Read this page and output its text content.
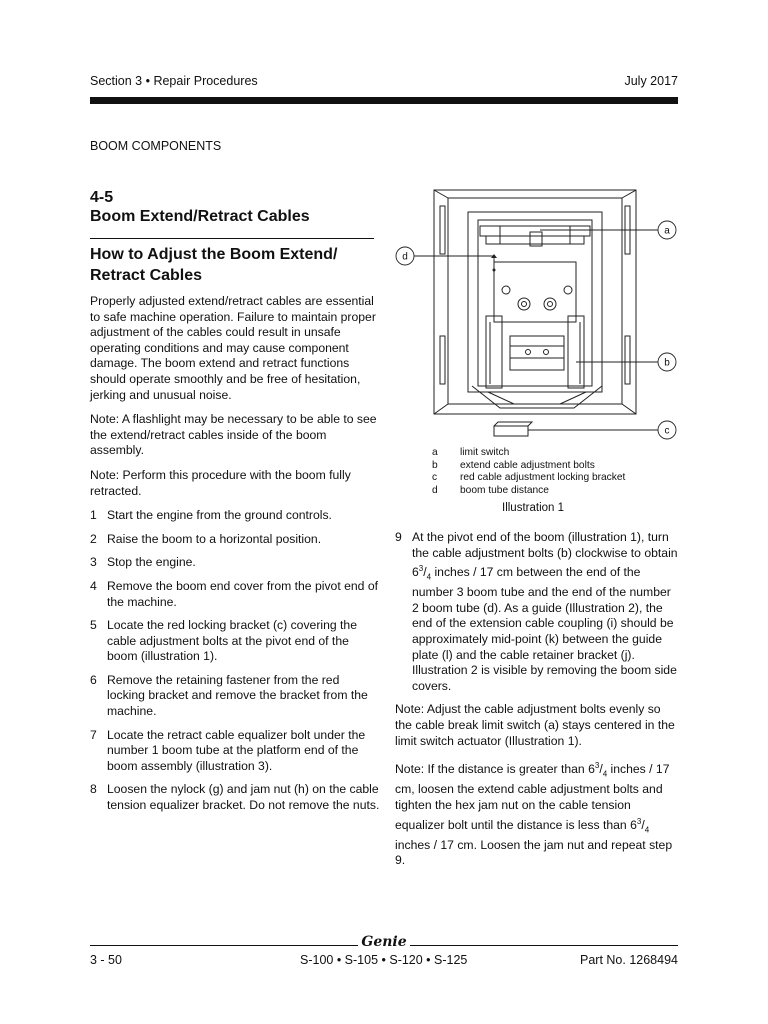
Section 3 • Repair Procedures	July 2017
BOOM COMPONENTS
4-5
Boom Extend/Retract Cables
How to Adjust the Boom Extend/ Retract Cables

Properly adjusted extend/retract cables are essential to safe machine operation. Failure to maintain proper adjustment of the cables could result in unsafe operating conditions and may cause component damage. The boom extend and retract functions should operate smoothly and be free of hesitation, jerking and unusual noise.

Note: A flashlight may be necessary to be able to see the extend/retract cables inside of the boom assembly.

Note: Perform this procedure with the boom fully retracted.

1 Start the engine from the ground controls.
2 Raise the boom to a horizontal position.
3 Stop the engine.
4 Remove the boom end cover from the pivot end of the machine.
5 Locate the red locking bracket (c) covering the cable adjustment bolts at the pivot end of the boom (illustration 1).
6 Remove the retaining fastener from the red locking bracket and remove the bracket from the machine.
7 Locate the retract cable equalizer bolt under the number 1 boom tube at the platform end of the boom assembly (illustration 3).
8 Loosen the nylock (g) and jam nut (h) on the cable tension equalizer bracket. Do not remove the nuts.
a
d
b
c
a	limit switch
b	extend cable adjustment bolts
c	red cable adjustment locking bracket
d	boom tube distance
Illustration 1
9 At the pivot end of the boom (illustration 1), turn the cable adjustment bolts (b) clockwise to obtain $6^3/_4$ inches / 17 cm between the end of the number 3 boom tube and the end of the number 2 boom tube (d). As a guide (Illustration 2), the end of the extension cable coupling (i) should be approximately mid-point (k) between the guide plate (l) and the cable retainer bracket (j). Illustration 2 is visible by removing the boom side covers.

Note: Adjust the cable adjustment bolts evenly so the cable break limit switch (a) stays centered in the limit switch actuator (Illustration 1).

Note: If the distance is greater than $6^3/_4$ inches / 17 cm, loosen the extend cable adjustment bolts and tighten the hex jam nut on the cable tension equalizer bolt until the distance is less than $6^3/_4$ inches / 17 cm. Loosen the jam nut and repeat step 9.

Genie
3 - 50	S-100 • S-105 • S-120 • S-125	Part No. 1268494
